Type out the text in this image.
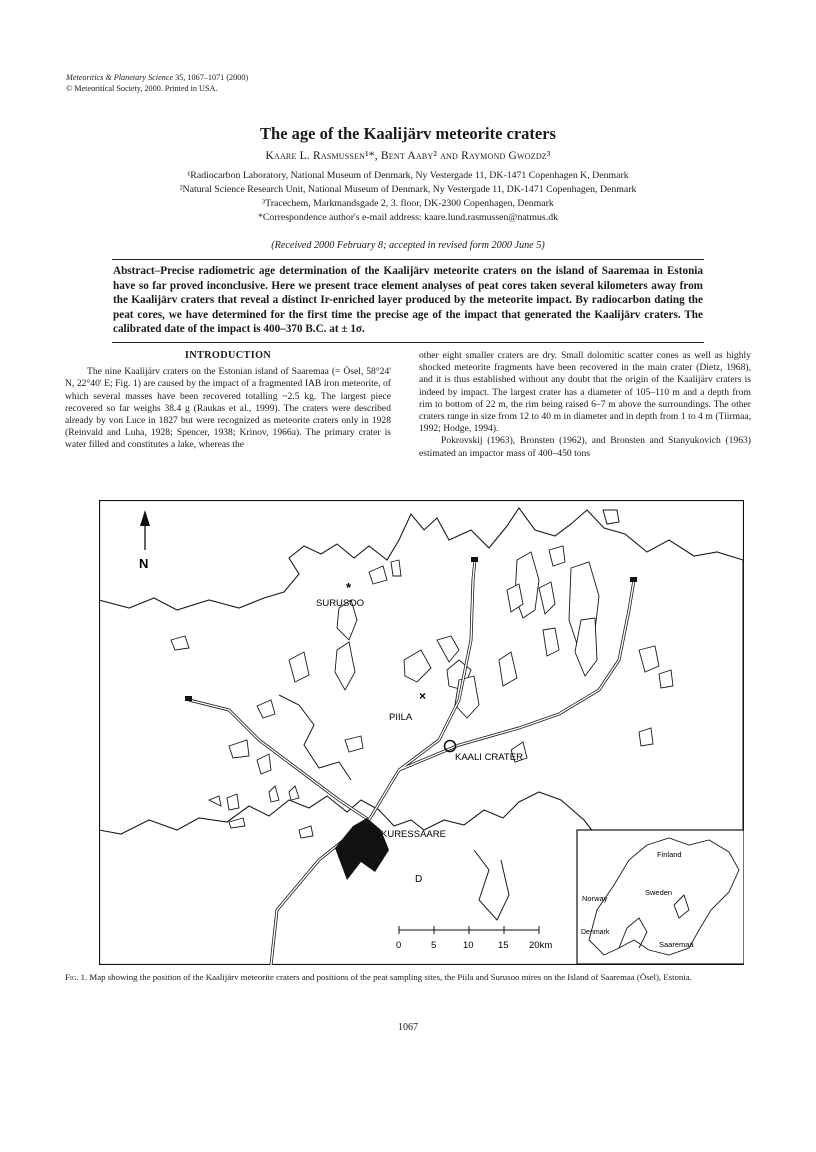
Meteoritics & Planetary Science 35, 1067–1071 (2000)
© Meteoritical Society, 2000. Printed in USA.
The age of the Kaalijärv meteorite craters
Kaare L. Rasmussen¹*, Bent Aaby² and Raymond Gwozdz³
¹Radiocarbon Laboratory, National Museum of Denmark, Ny Vestergade 11, DK-1471 Copenhagen K, Denmark
²Natural Science Research Unit, National Museum of Denmark, Ny Vestergade 11, DK-1471 Copenhagen, Denmark
³Tracechem, Markmandsgade 2, 3. floor, DK-2300 Copenhagen, Denmark
*Correspondence author's e-mail address: kaare.lund.rasmussen@natmus.dk
(Received 2000 February 8; accepted in revised form 2000 June 5)
Abstract–Precise radiometric age determination of the Kaalijärv meteorite craters on the island of Saaremaa in Estonia have so far proved inconclusive. Here we present trace element analyses of peat cores taken several kilometers away from the Kaalijärv craters that reveal a distinct Ir-enriched layer produced by the meteorite impact. By radiocarbon dating the peat cores, we have determined for the first time the precise age of the impact that generated the Kaalijärv craters. The calibrated date of the impact is 400–370 B.C. at ± 1σ.
INTRODUCTION

The nine Kaalijärv craters on the Estonian island of Saaremaa (= Ösel, 58°24' N, 22°40' E; Fig. 1) are caused by the impact of a fragmented IAB iron meteorite, of which several masses have been recovered totalling ~2.5 kg. The largest piece recovered so far weighs 38.4 g (Raukas et al., 1999). The craters were described already by von Luce in 1827 but were recognized as meteorite craters only in 1928 (Reinvald and Luha, 1928; Spencer, 1938; Krinov, 1966a). The primary crater is water filled and constitutes a lake, whereas the

other eight smaller craters are dry. Small dolomitic scatter cones as well as highly shocked meteorite fragments have been recovered in the main crater (Dietz, 1968), and it is thus established without any doubt that the origin of the Kaalijärv craters is indeed by impact. The largest crater has a diameter of 105–110 m and a depth from rim to bottom of 22 m, the rim being raised 6–7 m above the surroundings. The other craters range in size from 12 to 40 m in diameter and in depth from 1 to 4 m (Tiirmaa, 1992; Hodge, 1994).

Pokrovskij (1963), Bronsten (1962), and Bronsten and Stanyukovich (1963) estimated an impactor mass of 400–450 tons

N
KURESSAARE
*
SURUSOO
×
PIILA
KAALI CRATER
D
0	5	10	15 20km
Finland
Sweden
Norway
Denmark
Saaremaa
Fig. 1. Map showing the position of the Kaalijärv meteorite craters and positions of the peat sampling sites, the Piila and Surusoo mires on the Island of Saaremaa (Ösel), Estonia.
1067
